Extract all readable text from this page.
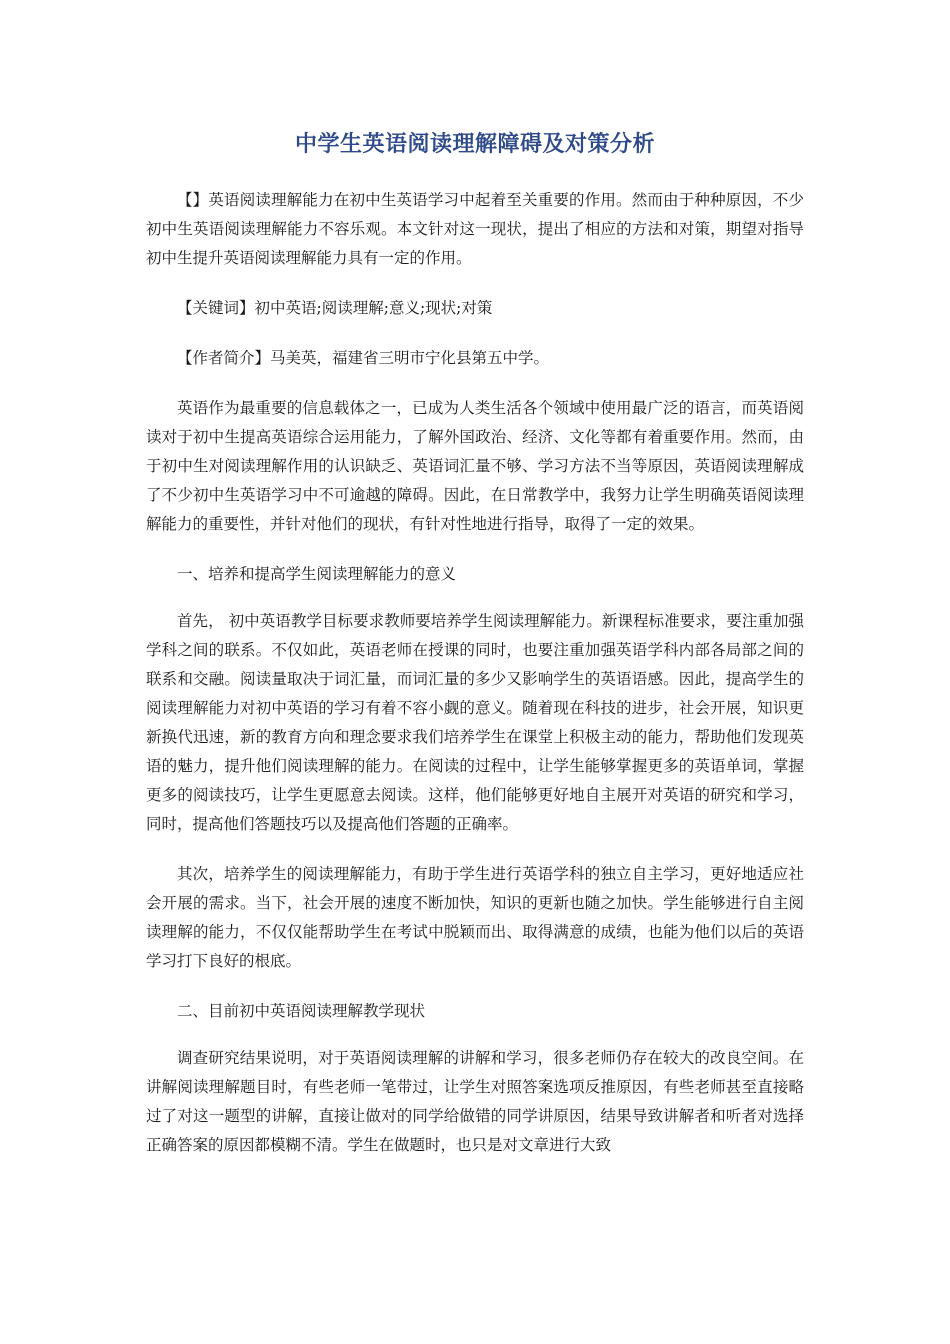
中学生英语阅读理解障碍及对策分析

【】英语阅读理解能力在初中生英语学习中起着至关重要的作用。然而由于种种原因，不少初中生英语阅读理解能力不容乐观。本文针对这一现状，提出了相应的方法和对策，期望对指导初中生提升英语阅读理解能力具有一定的作用。

【关键词】初中英语;阅读理解;意义;现状;对策

【作者简介】马美英，福建省三明市宁化县第五中学。

英语作为最重要的信息载体之一，已成为人类生活各个领域中使用最广泛的语言，而英语阅读对于初中生提高英语综合运用能力，了解外国政治、经济、文化等都有着重要作用。然而，由于初中生对阅读理解作用的认识缺乏、英语词汇量不够、学习方法不当等原因，英语阅读理解成了不少初中生英语学习中不可逾越的障碍。因此，在日常教学中，我努力让学生明确英语阅读理解能力的重要性，并针对他们的现状，有针对性地进行指导，取得了一定的效果。

一、培养和提高学生阅读理解能力的意义

首先， 初中英语教学目标要求教师要培养学生阅读理解能力。新课程标准要求，要注重加强学科之间的联系。不仅如此，英语老师在授课的同时，也要注重加强英语学科内部各局部之间的联系和交融。阅读量取决于词汇量，而词汇量的多少又影响学生的英语语感。因此，提高学生的阅读理解能力对初中英语的学习有着不容小觑的意义。随着现在科技的进步，社会开展，知识更新换代迅速，新的教育方向和理念要求我们培养学生在课堂上积极主动的能力，帮助他们发现英语的魅力，提升他们阅读理解的能力。在阅读的过程中，让学生能够掌握更多的英语单词，掌握更多的阅读技巧，让学生更愿意去阅读。这样，他们能够更好地自主展开对英语的研究和学习，同时，提高他们答题技巧以及提高他们答题的正确率。

其次，培养学生的阅读理解能力，有助于学生进行英语学科的独立自主学习，更好地适应社会开展的需求。当下，社会开展的速度不断加快，知识的更新也随之加快。学生能够进行自主阅读理解的能力，不仅仅能帮助学生在考试中脱颖而出、取得满意的成绩，也能为他们以后的英语学习打下良好的根底。

二、目前初中英语阅读理解教学现状

调查研究结果说明，对于英语阅读理解的讲解和学习，很多老师仍存在较大的改良空间。在讲解阅读理解题目时，有些老师一笔带过，让学生对照答案选项反推原因，有些老师甚至直接略过了对这一题型的讲解，直接让做对的同学给做错的同学讲原因，结果导致讲解者和听者对选择正确答案的原因都模糊不清。学生在做题时，也只是对文章进行大致
